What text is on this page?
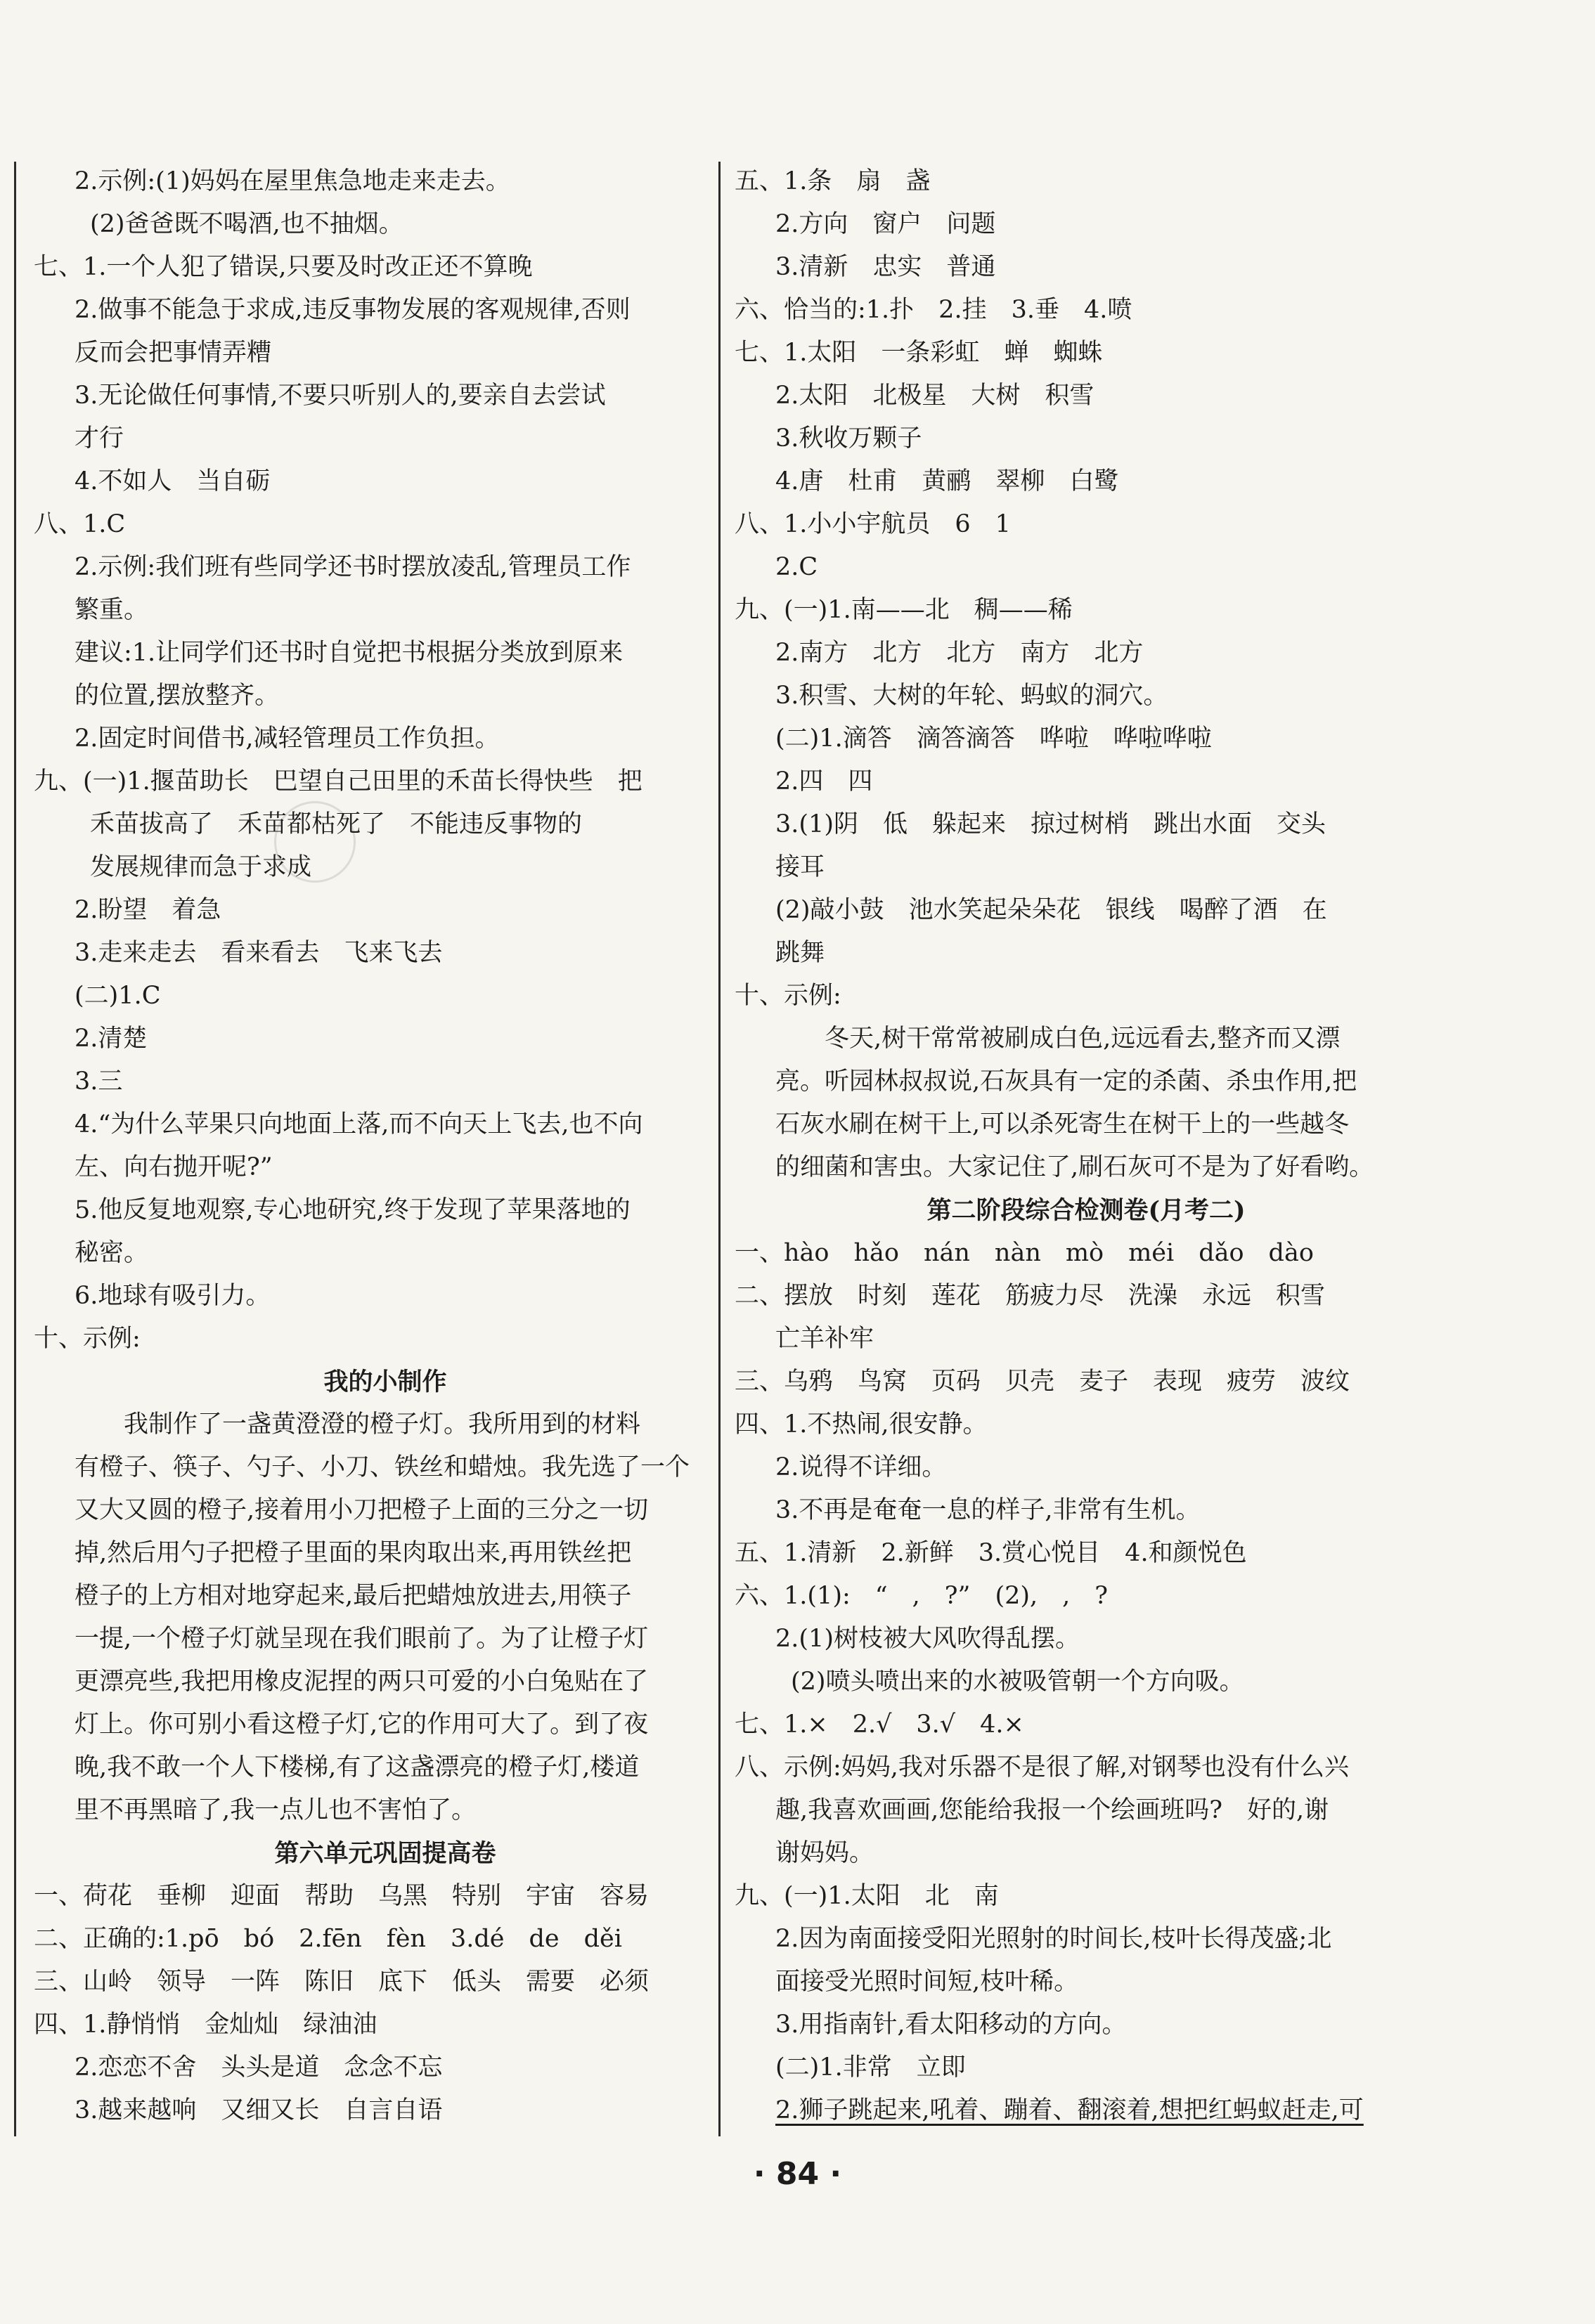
2.示例:(1)妈妈在屋里焦急地走来走去。
(2)爸爸既不喝酒,也不抽烟。
七、1.一个人犯了错误,只要及时改正还不算晚
2.做事不能急于求成,违反事物发展的客观规律,否则
反而会把事情弄糟
3.无论做任何事情,不要只听别人的,要亲自去尝试
才行
4.不如人　当自砺
八、1.C
2.示例:我们班有些同学还书时摆放凌乱,管理员工作
繁重。
建议:1.让同学们还书时自觉把书根据分类放到原来
的位置,摆放整齐。
2.固定时间借书,减轻管理员工作负担。
九、(一)1.揠苗助长　巴望自己田里的禾苗长得快些　把
禾苗拔高了　禾苗都枯死了　不能违反事物的
发展规律而急于求成
2.盼望　着急
3.走来走去　看来看去　飞来飞去
(二)1.C
2.清楚
3.三
4.“为什么苹果只向地面上落,而不向天上飞去,也不向
左、向右抛开呢?”
5.他反复地观察,专心地研究,终于发现了苹果落地的
秘密。
6.地球有吸引力。
十、示例:
我的小制作
我制作了一盏黄澄澄的橙子灯。我所用到的材料
有橙子、筷子、勺子、小刀、铁丝和蜡烛。我先选了一个
又大又圆的橙子,接着用小刀把橙子上面的三分之一切
掉,然后用勺子把橙子里面的果肉取出来,再用铁丝把
橙子的上方相对地穿起来,最后把蜡烛放进去,用筷子
一提,一个橙子灯就呈现在我们眼前了。为了让橙子灯
更漂亮些,我把用橡皮泥捏的两只可爱的小白兔贴在了
灯上。你可别小看这橙子灯,它的作用可大了。到了夜
晚,我不敢一个人下楼梯,有了这盏漂亮的橙子灯,楼道
里不再黑暗了,我一点儿也不害怕了。
第六单元巩固提高卷
一、荷花　垂柳　迎面　帮助　乌黑　特别　宇宙　容易
二、正确的:1.pō　bó　2.fēn　fèn　3.dé　de　děi
三、山岭　领导　一阵　陈旧　底下　低头　需要　必须
四、1.静悄悄　金灿灿　绿油油
2.恋恋不舍　头头是道　念念不忘
3.越来越响　又细又长　自言自语
五、1.条　扇　盏
2.方向　窗户　问题
3.清新　忠实　普通
六、恰当的:1.扑　2.挂　3.垂　4.喷
七、1.太阳　一条彩虹　蝉　蜘蛛
2.太阳　北极星　大树　积雪
3.秋收万颗子
4.唐　杜甫　黄鹂　翠柳　白鹭
八、1.小小宇航员　6　1
2.C
九、(一)1.南——北　稠——稀
2.南方　北方　北方　南方　北方
3.积雪、大树的年轮、蚂蚁的洞穴。
(二)1.滴答　滴答滴答　哗啦　哗啦哗啦
2.四　四
3.(1)阴　低　躲起来　掠过树梢　跳出水面　交头
接耳
(2)敲小鼓　池水笑起朵朵花　银线　喝醉了酒　在
跳舞
十、示例:
冬天,树干常常被刷成白色,远远看去,整齐而又漂
亮。听园林叔叔说,石灰具有一定的杀菌、杀虫作用,把
石灰水刷在树干上,可以杀死寄生在树干上的一些越冬
的细菌和害虫。大家记住了,刷石灰可不是为了好看哟。
第二阶段综合检测卷(月考二)
一、hào　hǎo　nán　nàn　mò　méi　dǎo　dào
二、摆放　时刻　莲花　筋疲力尽　洗澡　永远　积雪
亡羊补牢
三、乌鸦　鸟窝　页码　贝壳　麦子　表现　疲劳　波纹
四、1.不热闹,很安静。
2.说得不详细。
3.不再是奄奄一息的样子,非常有生机。
五、1.清新　2.新鲜　3.赏心悦目　4.和颜悦色
六、1.(1):　“　,　?”　(2),　,　?
2.(1)树枝被大风吹得乱摆。
(2)喷头喷出来的水被吸管朝一个方向吸。
七、1.×　2.√　3.√　4.×
八、示例:妈妈,我对乐器不是很了解,对钢琴也没有什么兴
趣,我喜欢画画,您能给我报一个绘画班吗?　好的,谢
谢妈妈。
九、(一)1.太阳　北　南
2.因为南面接受阳光照射的时间长,枝叶长得茂盛;北
面接受光照时间短,枝叶稀。
3.用指南针,看太阳移动的方向。
(二)1.非常　立即
2.狮子跳起来,吼着、蹦着、翻滚着,想把红蚂蚁赶走,可
· 84 ·
